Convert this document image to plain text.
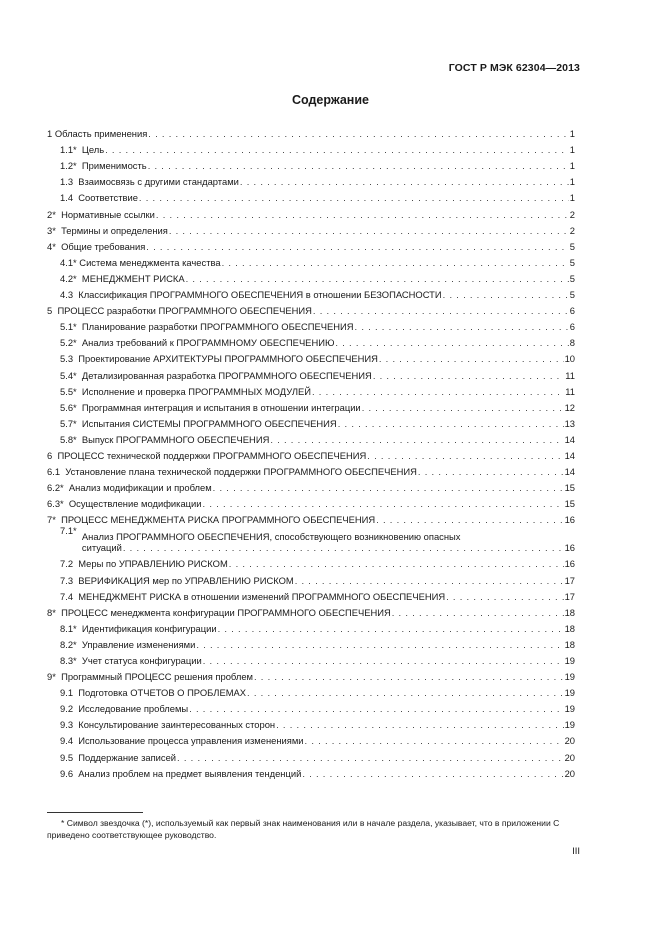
ГОСТ Р МЭК 62304—2013
Содержание
1 Область применения . . .	1
1.1* Цель . . .	1
1.2* Применимость . . .	1
1.3 Взаимосвязь с другими стандартами . . .	1
1.4 Соответствие . . .	1
2* Нормативные ссылки . . .	2
3* Термины и определения . . .	2
4* Общие требования . . .	5
4.1* Система менеджмента качества . . .	5
4.2* МЕНЕДЖМЕНТ РИСКА . . .	5
4.3 Классификация ПРОГРАММНОГО ОБЕСПЕЧЕНИЯ в отношении БЕЗОПАСНОСТИ . . .	5
5 ПРОЦЕСС разработки ПРОГРАММНОГО ОБЕСПЕЧЕНИЯ . . .	6
5.1* Планирование разработки ПРОГРАММНОГО ОБЕСПЕЧЕНИЯ . . .	6
5.2* Анализ требований к ПРОГРАММНОМУ ОБЕСПЕЧЕНИЮ . . .	8
5.3 Проектирование АРХИТЕКТУРЫ ПРОГРАММНОГО ОБЕСПЕЧЕНИЯ . . .	10
5.4* Детализированная разработка ПРОГРАММНОГО ОБЕСПЕЧЕНИЯ . . .	11
5.5* Исполнение и проверка ПРОГРАММНЫХ МОДУЛЕЙ . . .	11
5.6* Программная интеграция и испытания в отношении интеграции . . .	12
5.7* Испытания СИСТЕМЫ ПРОГРАММНОГО ОБЕСПЕЧЕНИЯ . . .	13
5.8* Выпуск ПРОГРАММНОГО ОБЕСПЕЧЕНИЯ . . .	14
6 ПРОЦЕСС технической поддержки ПРОГРАММНОГО ОБЕСПЕЧЕНИЯ . . .	14
6.1 Установление плана технической поддержки ПРОГРАММНОГО ОБЕСПЕЧЕНИЯ . . .	14
6.2* Анализ модификации и проблем . . .	15
6.3* Осуществление модификации . . .	15
7* ПРОЦЕСС МЕНЕДЖМЕНТА РИСКА ПРОГРАММНОГО ОБЕСПЕЧЕНИЯ . . .	16
7.1*
Анализ ПРОГРАММНОГО ОБЕСПЕЧЕНИЯ, способствующего возникновению опасных
ситуаций . . .	16
7.2 Меры по УПРАВЛЕНИЮ РИСКОМ . . .	16
7.3 ВЕРИФИКАЦИЯ мер по УПРАВЛЕНИЮ РИСКОМ . . .	17
7.4 МЕНЕДЖМЕНТ РИСКА в отношении изменений ПРОГРАММНОГО ОБЕСПЕЧЕНИЯ . . .	17
8* ПРОЦЕСС менеджмента конфигурации ПРОГРАММНОГО ОБЕСПЕЧЕНИЯ . . .	18
8.1* Идентификация конфигурации . . .	18
8.2* Управление изменениями . . .	18
8.3* Учет статуса конфигурации . . .	19
9* Программный ПРОЦЕСС решения проблем . . .	19
9.1 Подготовка ОТЧЕТОВ О ПРОБЛЕМАХ . . .	19
9.2 Исследование проблемы . . .	19
9.3 Консультирование заинтересованных сторон . . .	19
9.4 Использование процесса управления изменениями . . .	20
9.5 Поддержание записей . . .	20
9.6 Анализ проблем на предмет выявления тенденций . . .	20
* Символ звездочка (*), используемый как первый знак наименования или в начале раздела, указывает, что в приложении С приведено соответствующее руководство.
III
